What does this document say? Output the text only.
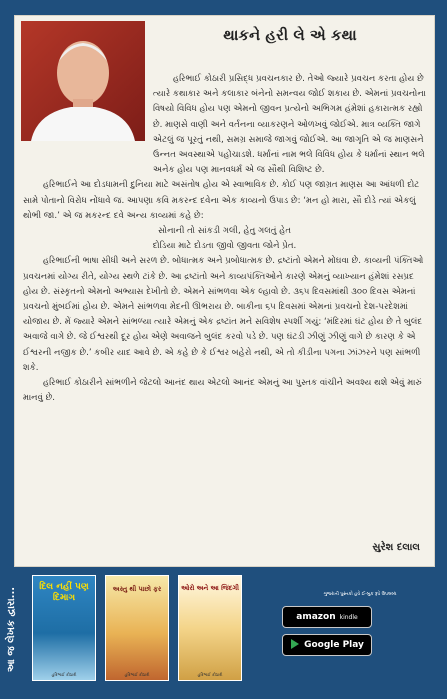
થાકને હરી લે એ કથા

હરિભાઈ કોઠારી પ્રસિદ્ધ પ્રવચનકાર છે. તેઓ જ્યારે પ્રવચન કરતા હોય છે ત્યારે કથાકાર અને કલાકાર બંનેનો સમન્વય જોઈ શકાય છે. એમનાં પ્રવચનોના વિષયો વિવિધ હોય પણ એમનો જીવન પ્રત્યેનો અભિગમ હંમેશાં હકારાત્મક રહ્યો છે. માણસે વાણી અને વર્તનના વ્યાકરણને ઓળખવું જોઈએ. માત્ર વ્યક્તિ જાગે એટલું જ પૂરતું નથી, સમગ્ર સમાજે જાગવું જોઈએ. આ જાગૃતિ એ જ માણસને ઉન્નત અવસ્થાએ પહોંચાડશે. ધર્માનાં નામ ભલે વિવિધ હોય કે ધર્માનાં સ્થાન ભલે અનેક હોય પણ માનવધર્મ એ જ સૌથી વિશિષ્ટ છે.

હરિભાઈને આ દોડધામની દુનિયા માટે અસંતોષ હોય એ સ્વાભાવિક છે. કોઈ પણ જાગ્રત માણસ આ આંધળી દોટ સામે પોતાનો વિરોધ નોંધાવે જ. આપણા કવિ મકરન્દ દવેના એક કાવ્યનો ઉપાડ છે: ‘મન હો મારા, સૌ દોડે ત્યાં એકલું થોભી જા.’ એ જ મકરન્દ દવે અન્ય કાવ્યમાં કહે છે:

સોનાની તો સાંકડી ગલી, હેતુ ગલતું હેત

દોડિયા માટે દોડતા જીવો જીવતા જોને પ્રેત.

હરિભાઈની ભાષા સીધી અને સરળ છે. બોધાત્મક અને પ્રબોધાત્મક છે. દ્રષ્ટાંતો એમને મોંઘવા છે. કાવ્યની પંક્તિઓ પ્રવચનમાં યોગ્ય રીતે, યોગ્ય સ્થળે ટાંકે છે. આ દ્રષ્ટાંતો અને કાવ્યપંક્તિઓને કારણે એમનું વ્યાખ્યાન હંમેશાં રસપ્રદ હોય છે. સંસ્કૃતનો એમનો અભ્યાસ દેખીતો છે. એમને સાંભળવા એક લ્હાવો છે. ૩૬૫ દિવસમાંથી ૩૦૦ દિવસ એમનાં પ્રવચનો મુંબઈમાં હોય છે. એમને સાંભળવા મેદની ઊભરાય છે. બાકીના ૬૫ દિવસમાં એમનાં પ્રવચનો દેશ-પરદેશમાં યોજાય છે. મેં જ્યારે એમને સાંભળ્યા ત્યારે એમનું એક દ્રષ્ટાંત મને સવિશેષ સ્પર્શી ગયું: ‘મંદિરમાં ઘંટ હોય છે તે બુલંદ અવાજે વાગે છે. જે ઈશ્વરથી દૂર હોય એણે અવાજને બુલંદ કરવો પડે છે. પણ ઘંટડી ઝીણું ઝીણું વાગે છે કારણ કે એ ઈશ્વરની નજીક છે.’ કબીર યાદ આવે છે. એ કહે છે કે ઈશ્વર બહેરો નથી, એ તો કીડીના પગના ઝાંઝરને પણ સાંભળી શકે.

હરિભાઈ કોઠારીને સાંભળીને જેટલો આનંદ થાય એટલો આનંદ એમનું આ પુસ્તક વાંચીને અવશ્ય થશે એવું મારું માનવું છે.

સુરેશ દલાલ
આ જ લેખક દ્વારા...	દિલ નહીં પણ દિમાગ
હરિભાઈ કોઠારી
અસ્તુ થી પાછો ફર
હરિભાઈ કોઠારી
ઓરો અને આ જિંદગી
હરિભાઈ કોઠારી
ગુજરાતી પુસ્તકો હવે ઈ-બુક રૂપે ઉપલબ્ધ
amazon kindle
Google Play
